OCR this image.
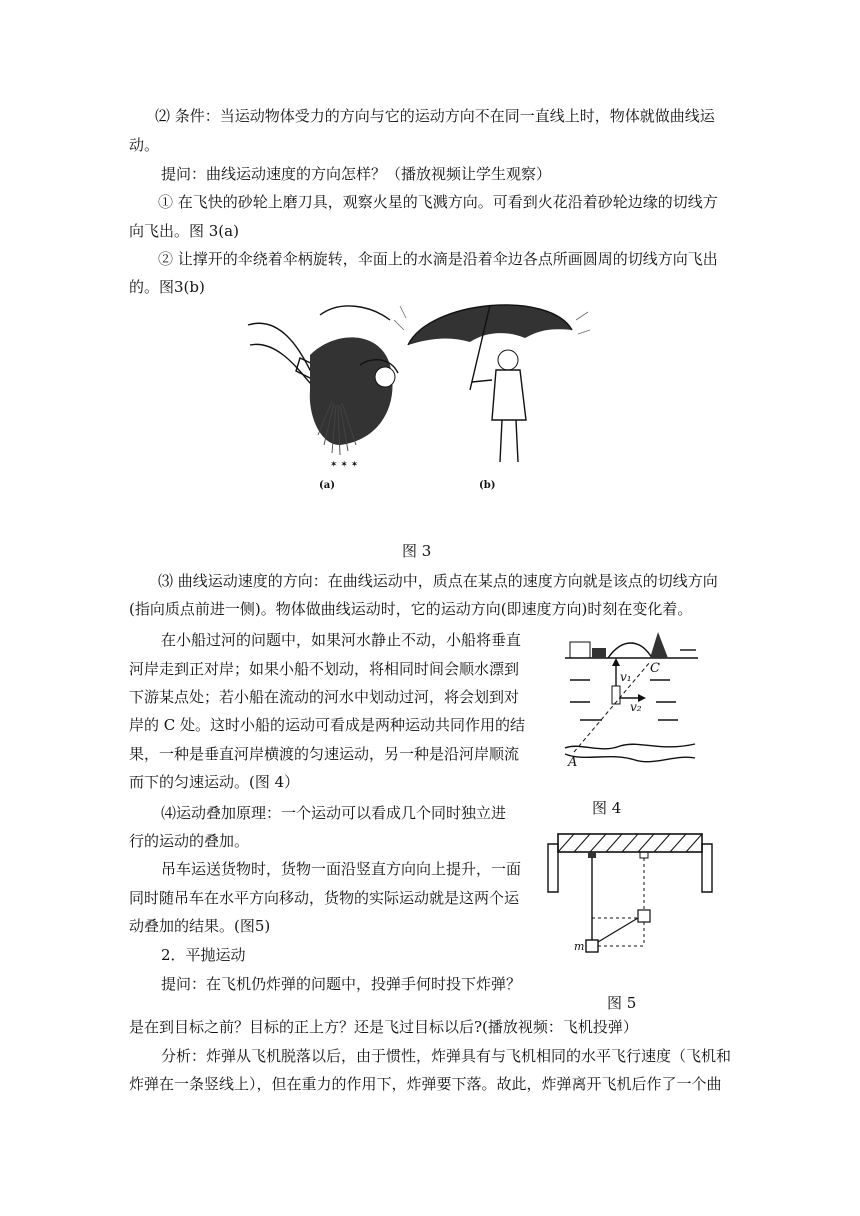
⑵ 条件：当运动物体受力的方向与它的运动方向不在同一直线上时，物体就做曲线运
动。
提问：曲线运动速度的方向怎样？（播放视频让学生观察）
① 在飞快的砂轮上磨刀具，观察火星的飞溅方向。可看到火花沿着砂轮边缘的切线方
向飞出。图 3(a)
② 让撑开的伞绕着伞柄旋转，伞面上的水滴是沿着伞边各点所画圆周的切线方向飞出
的。图3(b)
✶ ✶ ✶
(a)	(b)
图 3
⑶ 曲线运动速度的方向：在曲线运动中，质点在某点的速度方向就是该点的切线方向
(指向质点前进一侧)。物体做曲线运动时，它的运动方向(即速度方向)时刻在变化着。
在小船过河的问题中，如果河水静止不动，小船将垂直
河岸走到正对岸；如果小船不划动，将相同时间会顺水漂到
下游某点处；若小船在流动的河水中划动过河，将会划到对
岸的 C 处。这时小船的运动可看成是两种运动共同作用的结
果，一种是垂直河岸横渡的匀速运动，另一种是沿河岸顺流
而下的匀速运动。(图 4）
C
v₁
v₂
A
图 4
⑷运动叠加原理：一个运动可以看成几个同时独立进
行的运动的叠加。
吊车运送货物时，货物一面沿竖直方向向上提升，一面
同时随吊车在水平方向移动，货物的实际运动就是这两个运
动叠加的结果。(图5)
2．平抛运动
提问：在飞机仍炸弹的问题中，投弹手何时投下炸弹？
m
图 5
是在到目标之前？目标的正上方？还是飞过目标以后?(播放视频：飞机投弹）
分析：炸弹从飞机脱落以后，由于惯性，炸弹具有与飞机相同的水平飞行速度（飞机和
炸弹在一条竖线上），但在重力的作用下，炸弹要下落。故此，炸弹离开飞机后作了一个曲
